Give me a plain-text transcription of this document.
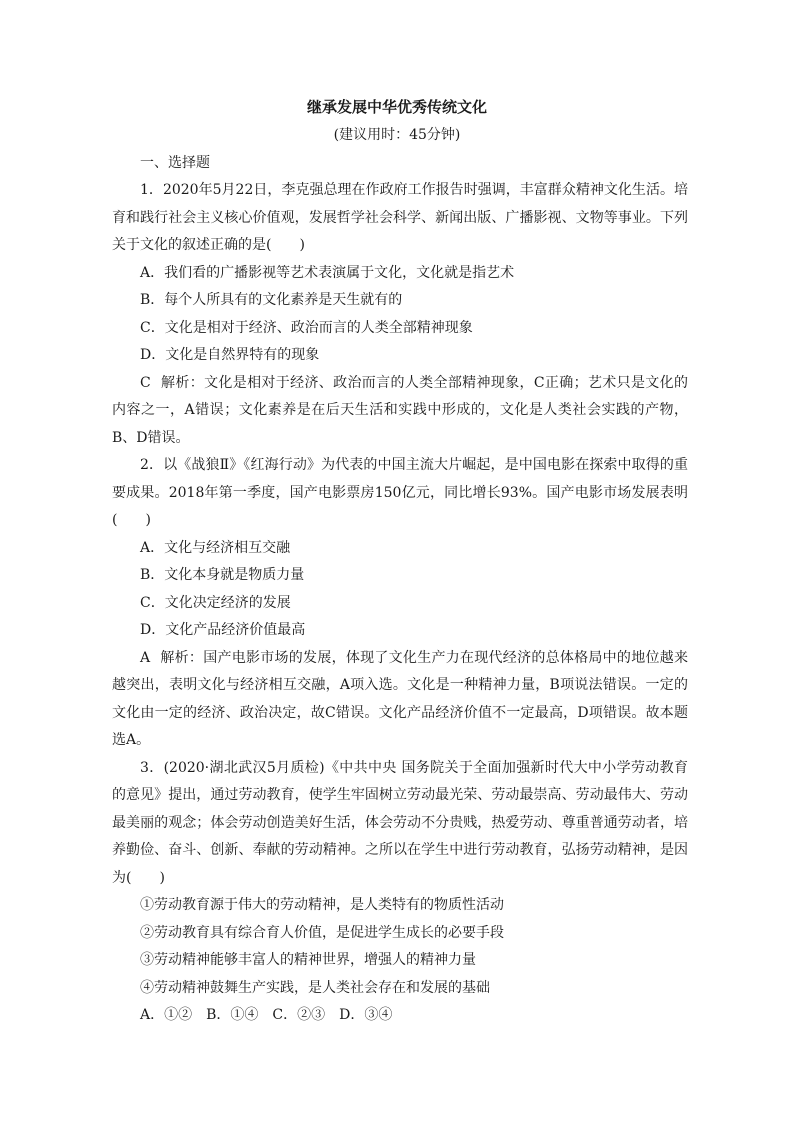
继承发展中华优秀传统文化
(建议用时：45分钟)

一、选择题

1．2020年5月22日，李克强总理在作政府工作报告时强调，丰富群众精神文化生活。培育和践行社会主义核心价值观，发展哲学社会科学、新闻出版、广播影视、文物等事业。下列关于文化的叙述正确的是(　　)

A．我们看的广播影视等艺术表演属于文化，文化就是指艺术

B．每个人所具有的文化素养是天生就有的

C．文化是相对于经济、政治而言的人类全部精神现象

D．文化是自然界特有的现象

C 解析：文化是相对于经济、政治而言的人类全部精神现象，C正确；艺术只是文化的内容之一，A错误；文化素养是在后天生活和实践中形成的，文化是人类社会实践的产物，B、D错误。

2．以《战狼Ⅱ》《红海行动》为代表的中国主流大片崛起，是中国电影在探索中取得的重要成果。2018年第一季度，国产电影票房150亿元，同比增长93%。国产电影市场发展表明(　　)

A．文化与经济相互交融

B．文化本身就是物质力量

C．文化决定经济的发展

D．文化产品经济价值最高

A 解析：国产电影市场的发展，体现了文化生产力在现代经济的总体格局中的地位越来越突出，表明文化与经济相互交融，A项入选。文化是一种精神力量，B项说法错误。一定的文化由一定的经济、政治决定，故C错误。文化产品经济价值不一定最高，D项错误。故本题选A。

3．(2020·湖北武汉5月质检)《中共中央 国务院关于全面加强新时代大中小学劳动教育的意见》提出，通过劳动教育，使学生牢固树立劳动最光荣、劳动最崇高、劳动最伟大、劳动最美丽的观念；体会劳动创造美好生活，体会劳动不分贵贱，热爱劳动、尊重普通劳动者，培养勤俭、奋斗、创新、奉献的劳动精神。之所以在学生中进行劳动教育，弘扬劳动精神，是因为(　　)

①劳动教育源于伟大的劳动精神，是人类特有的物质性活动

②劳动教育具有综合育人价值，是促进学生成长的必要手段

③劳动精神能够丰富人的精神世界，增强人的精神力量

④劳动精神鼓舞生产实践，是人类社会存在和发展的基础

A．①②　B．①④　C．②③　D．③④
